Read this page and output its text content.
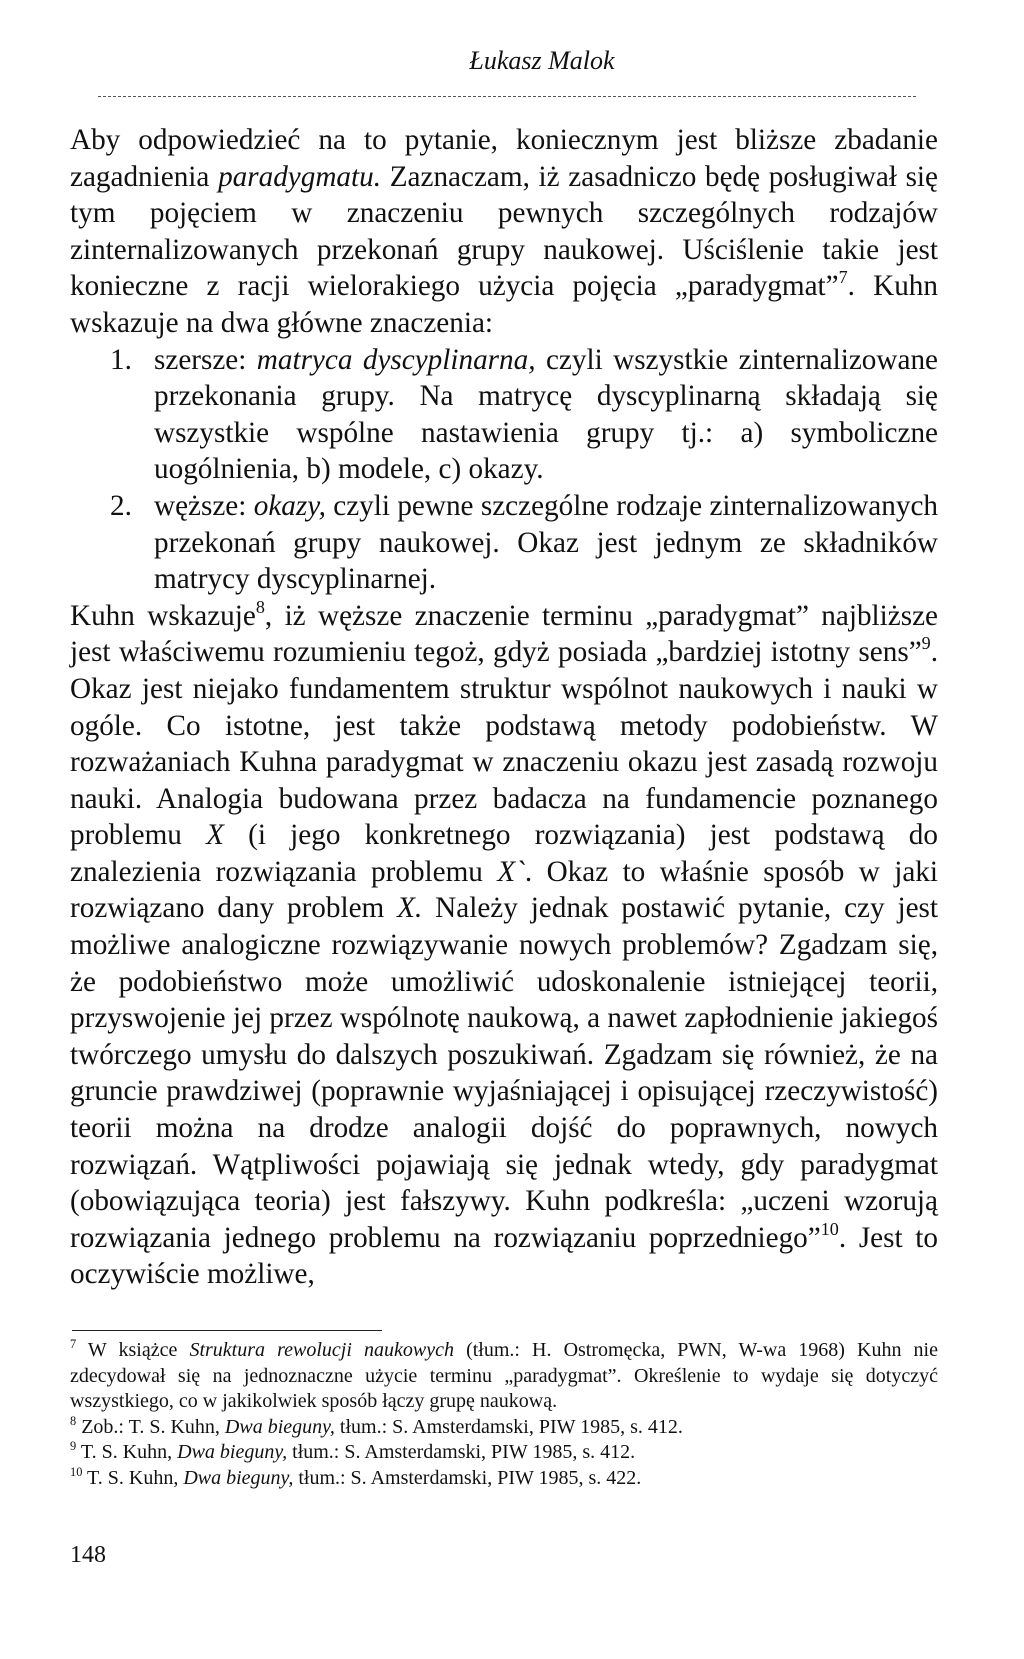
Łukasz Malok

Aby odpowiedzieć na to pytanie, koniecznym jest bliższe zbadanie zagadnienia paradygmatu. Zaznaczam, iż zasadniczo będę posługiwał się tym pojęciem w znaczeniu pewnych szczególnych rodzajów zinternalizowanych przekonań grupy naukowej. Uściślenie takie jest konieczne z racji wielorakiego użycia pojęcia „paradygmat”$^7$. Kuhn wskazuje na dwa główne znaczenia:

1. szersze: matryca dyscyplinarna, czyli wszystkie zinternalizowane przekonania grupy. Na matrycę dyscyplinarną składają się wszystkie wspólne nastawienia grupy tj.: a) symboliczne uogólnienia, b) modele, c) okazy.
2. węższe: okazy, czyli pewne szczególne rodzaje zinternalizowanych przekonań grupy naukowej. Okaz jest jednym ze składników matrycy dyscyplinarnej.

Kuhn wskazuje$^8$, iż węższe znaczenie terminu „paradygmat” najbliższe jest właściwemu rozumieniu tegoż, gdyż posiada „bardziej istotny sens”$^9$. Okaz jest niejako fundamentem struktur wspólnot naukowych i nauki w ogóle. Co istotne, jest także podstawą metody podobieństw. W rozważaniach Kuhna paradygmat w znaczeniu okazu jest zasadą rozwoju nauki. Analogia budowana przez badacza na fundamencie poznanego problemu X (i jego konkretnego rozwiązania) jest podstawą do znalezienia rozwiązania problemu X`. Okaz to właśnie sposób w jaki rozwiązano dany problem X. Należy jednak postawić pytanie, czy jest możliwe analogiczne rozwiązywanie nowych problemów? Zgadzam się, że podobieństwo może umożliwić udoskonalenie istniejącej teorii, przyswojenie jej przez wspólnotę naukową, a nawet zapłodnienie jakiegoś twórczego umysłu do dalszych poszukiwań. Zgadzam się również, że na gruncie prawdziwej (poprawnie wyjaśniającej i opisującej rzeczywistość) teorii można na drodze analogii dojść do poprawnych, nowych rozwiązań. Wątpliwości pojawiają się jednak wtedy, gdy paradygmat (obowiązująca teoria) jest fałszywy. Kuhn podkreśla: „uczeni wzorują rozwiązania jednego problemu na rozwiązaniu poprzedniego”$^{10}$. Jest to oczywiście możliwe,

$^7$ W książce Struktura rewolucji naukowych (tłum.: H. Ostromęcka, PWN, W-wa 1968) Kuhn nie zdecydował się na jednoznaczne użycie terminu „paradygmat”. Określenie to wydaje się dotyczyć wszystkiego, co w jakikolwiek sposób łączy grupę naukową.

$^8$ Zob.: T. S. Kuhn, Dwa bieguny, tłum.: S. Amsterdamski, PIW 1985, s. 412.

$^9$ T. S. Kuhn, Dwa bieguny, tłum.: S. Amsterdamski, PIW 1985, s. 412.

$^{10}$ T. S. Kuhn, Dwa bieguny, tłum.: S. Amsterdamski, PIW 1985, s. 422.

148
